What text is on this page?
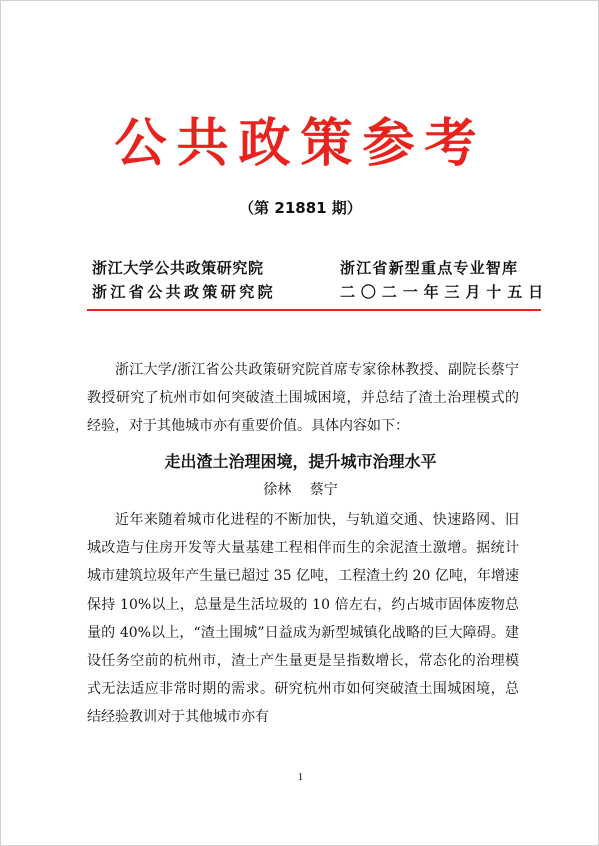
公共政策参考
（第 21881 期）
浙江大学公共政策研究院	浙江省新型重点专业智库
浙江省公共政策研究院	二〇二一年三月十五日

浙江大学/浙江省公共政策研究院首席专家徐林教授、副院长蔡宁教授研究了杭州市如何突破渣土围城困境，并总结了渣土治理模式的经验，对于其他城市亦有重要价值。具体内容如下：

走出渣土治理困境，提升城市治理水平
徐林 蔡宁

近年来随着城市化进程的不断加快，与轨道交通、快速路网、旧城改造与住房开发等大量基建工程相伴而生的余泥渣土激增。据统计城市建筑垃圾年产生量已超过 35 亿吨，工程渣土约 20 亿吨，年增速保持 10%以上，总量是生活垃圾的 10 倍左右，约占城市固体废物总量的 40%以上，“渣土围城”日益成为新型城镇化战略的巨大障碍。建设任务空前的杭州市，渣土产生量更是呈指数增长，常态化的治理模式无法适应非常时期的需求。研究杭州市如何突破渣土围城困境，总结经验教训对于其他城市亦有

1
